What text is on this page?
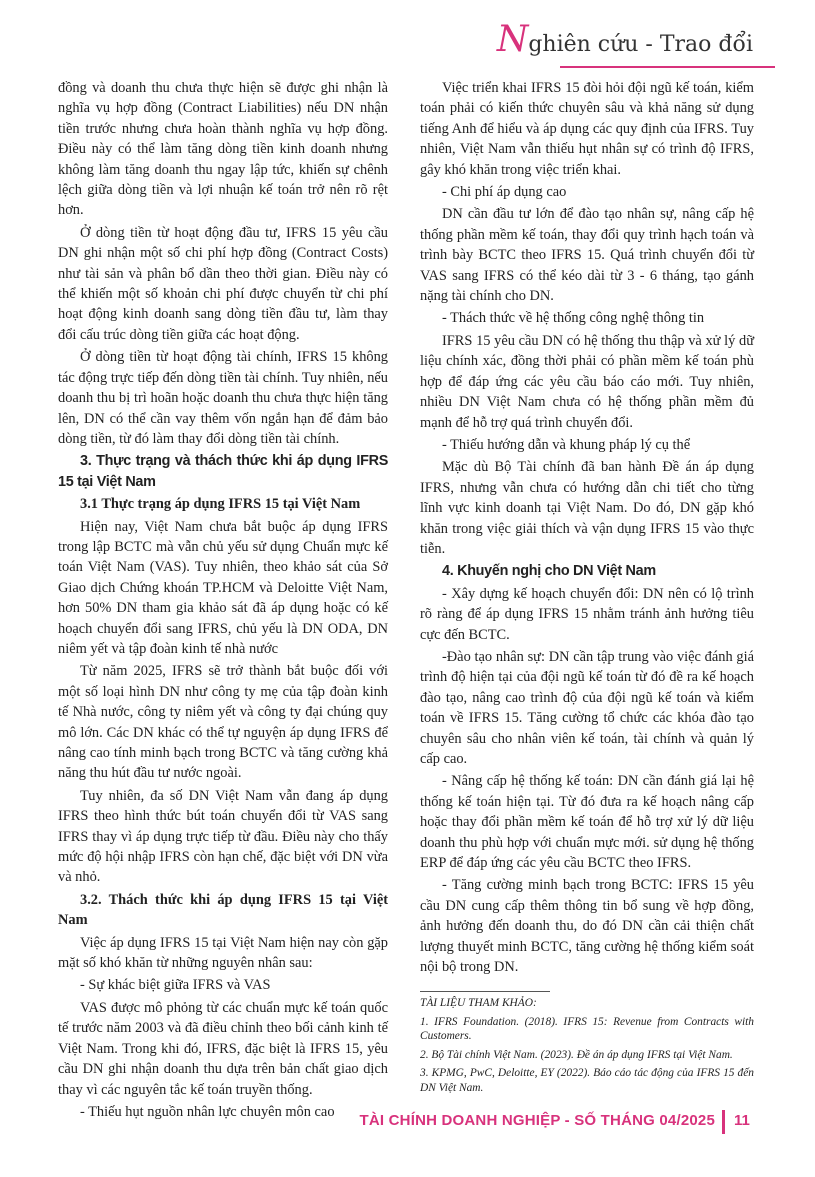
Nghiên cứu - Trao đổi

đồng và doanh thu chưa thực hiện sẽ được ghi nhận là nghĩa vụ hợp đồng (Contract Liabilities) nếu DN nhận tiền trước nhưng chưa hoàn thành nghĩa vụ hợp đồng. Điều này có thể làm tăng dòng tiền kinh doanh nhưng không làm tăng doanh thu ngay lập tức, khiến sự chênh lệch giữa dòng tiền và lợi nhuận kế toán trở nên rõ rệt hơn.

Ở dòng tiền từ hoạt động đầu tư, IFRS 15 yêu cầu DN ghi nhận một số chi phí hợp đồng (Contract Costs) như tài sản và phân bổ dần theo thời gian. Điều này có thể khiến một số khoản chi phí được chuyển từ chi phí hoạt động kinh doanh sang dòng tiền đầu tư, làm thay đổi cấu trúc dòng tiền giữa các hoạt động.

Ở dòng tiền từ hoạt động tài chính, IFRS 15 không tác động trực tiếp đến dòng tiền tài chính. Tuy nhiên, nếu doanh thu bị trì hoãn hoặc doanh thu chưa thực hiện tăng lên, DN có thể cần vay thêm vốn ngắn hạn để đảm bảo dòng tiền, từ đó làm thay đổi dòng tiền tài chính.

3. Thực trạng và thách thức khi áp dụng IFRS 15 tại Việt Nam
3.1 Thực trạng áp dụng IFRS 15 tại Việt Nam

Hiện nay, Việt Nam chưa bắt buộc áp dụng IFRS trong lập BCTC mà vẫn chủ yếu sử dụng Chuẩn mực kế toán Việt Nam (VAS). Tuy nhiên, theo khảo sát của Sở Giao dịch Chứng khoán TP.HCM và Deloitte Việt Nam, hơn 50% DN tham gia khảo sát đã áp dụng hoặc có kế hoạch chuyển đổi sang IFRS, chủ yếu là DN ODA, DN niêm yết và tập đoàn kinh tế nhà nước

Từ năm 2025, IFRS sẽ trở thành bắt buộc đối với một số loại hình DN như công ty mẹ của tập đoàn kinh tế Nhà nước, công ty niêm yết và công ty đại chúng quy mô lớn. Các DN khác có thể tự nguyện áp dụng IFRS để nâng cao tính minh bạch trong BCTC và tăng cường khả năng thu hút đầu tư nước ngoài.

Tuy nhiên, đa số DN Việt Nam vẫn đang áp dụng IFRS theo hình thức bút toán chuyển đổi từ VAS sang IFRS thay vì áp dụng trực tiếp từ đầu. Điều này cho thấy mức độ hội nhập IFRS còn hạn chế, đặc biệt với DN vừa và nhỏ.

3.2. Thách thức khi áp dụng IFRS 15 tại Việt Nam

Việc áp dụng IFRS 15 tại Việt Nam hiện nay còn gặp mặt số khó khăn từ những nguyên nhân sau:

- Sự khác biệt giữa IFRS và VAS

VAS được mô phỏng từ các chuẩn mực kế toán quốc tế trước năm 2003 và đã điều chỉnh theo bối cảnh kinh tế Việt Nam. Trong khi đó, IFRS, đặc biệt là IFRS 15, yêu cầu DN ghi nhận doanh thu dựa trên bản chất giao dịch thay vì các nguyên tắc kế toán truyền thống.

- Thiếu hụt nguồn nhân lực chuyên môn cao

Việc triển khai IFRS 15 đòi hỏi đội ngũ kế toán, kiểm toán phải có kiến thức chuyên sâu và khả năng sử dụng tiếng Anh để hiểu và áp dụng các quy định của IFRS. Tuy nhiên, Việt Nam vẫn thiếu hụt nhân sự có trình độ IFRS, gây khó khăn trong việc triển khai.

- Chi phí áp dụng cao

DN cần đầu tư lớn để đào tạo nhân sự, nâng cấp hệ thống phần mềm kế toán, thay đổi quy trình hạch toán và trình bày BCTC theo IFRS 15. Quá trình chuyển đổi từ VAS sang IFRS có thể kéo dài từ 3 - 6 tháng, tạo gánh nặng tài chính cho DN.

- Thách thức về hệ thống công nghệ thông tin

IFRS 15 yêu cầu DN có hệ thống thu thập và xử lý dữ liệu chính xác, đồng thời phải có phần mềm kế toán phù hợp để đáp ứng các yêu cầu báo cáo mới. Tuy nhiên, nhiều DN Việt Nam chưa có hệ thống phần mềm đủ mạnh để hỗ trợ quá trình chuyển đổi.

- Thiếu hướng dẫn và khung pháp lý cụ thể

Mặc dù Bộ Tài chính đã ban hành Đề án áp dụng IFRS, nhưng vẫn chưa có hướng dẫn chi tiết cho từng lĩnh vực kinh doanh tại Việt Nam. Do đó, DN gặp khó khăn trong việc giải thích và vận dụng IFRS 15 vào thực tiễn.

4. Khuyến nghị cho DN Việt Nam

- Xây dựng kế hoạch chuyển đổi: DN nên có lộ trình rõ ràng để áp dụng IFRS 15 nhằm tránh ảnh hưởng tiêu cực đến BCTC.

-Đào tạo nhân sự: DN cần tập trung vào việc đánh giá trình độ hiện tại của đội ngũ kế toán từ đó đề ra kế hoạch đào tạo, nâng cao trình độ của đội ngũ kế toán và kiểm toán về IFRS 15. Tăng cường tổ chức các khóa đào tạo chuyên sâu cho nhân viên kế toán, tài chính và quản lý cấp cao.

- Nâng cấp hệ thống kế toán: DN cần đánh giá lại hệ thống kế toán hiện tại. Từ đó đưa ra kế hoạch nâng cấp hoặc thay đổi phần mềm kế toán để hỗ trợ xử lý dữ liệu doanh thu phù hợp với chuẩn mực mới. sử dụng hệ thống ERP để đáp ứng các yêu cầu BCTC theo IFRS.

- Tăng cường minh bạch trong BCTC: IFRS 15 yêu cầu DN cung cấp thêm thông tin bổ sung về hợp đồng, ảnh hưởng đến doanh thu, do đó DN cần cải thiện chất lượng thuyết minh BCTC, tăng cường hệ thống kiểm soát nội bộ trong DN.

TÀI LIỆU THAM KHẢO:

1. IFRS Foundation. (2018). IFRS 15: Revenue from Contracts with Customers.

2. Bộ Tài chính Việt Nam. (2023). Đề án áp dụng IFRS tại Việt Nam.

3. KPMG, PwC, Deloitte, EY (2022). Báo cáo tác động của IFRS 15 đến DN Việt Nam.

TÀI CHÍNH DOANH NGHIỆP - SỐ THÁNG 04/2025 11
